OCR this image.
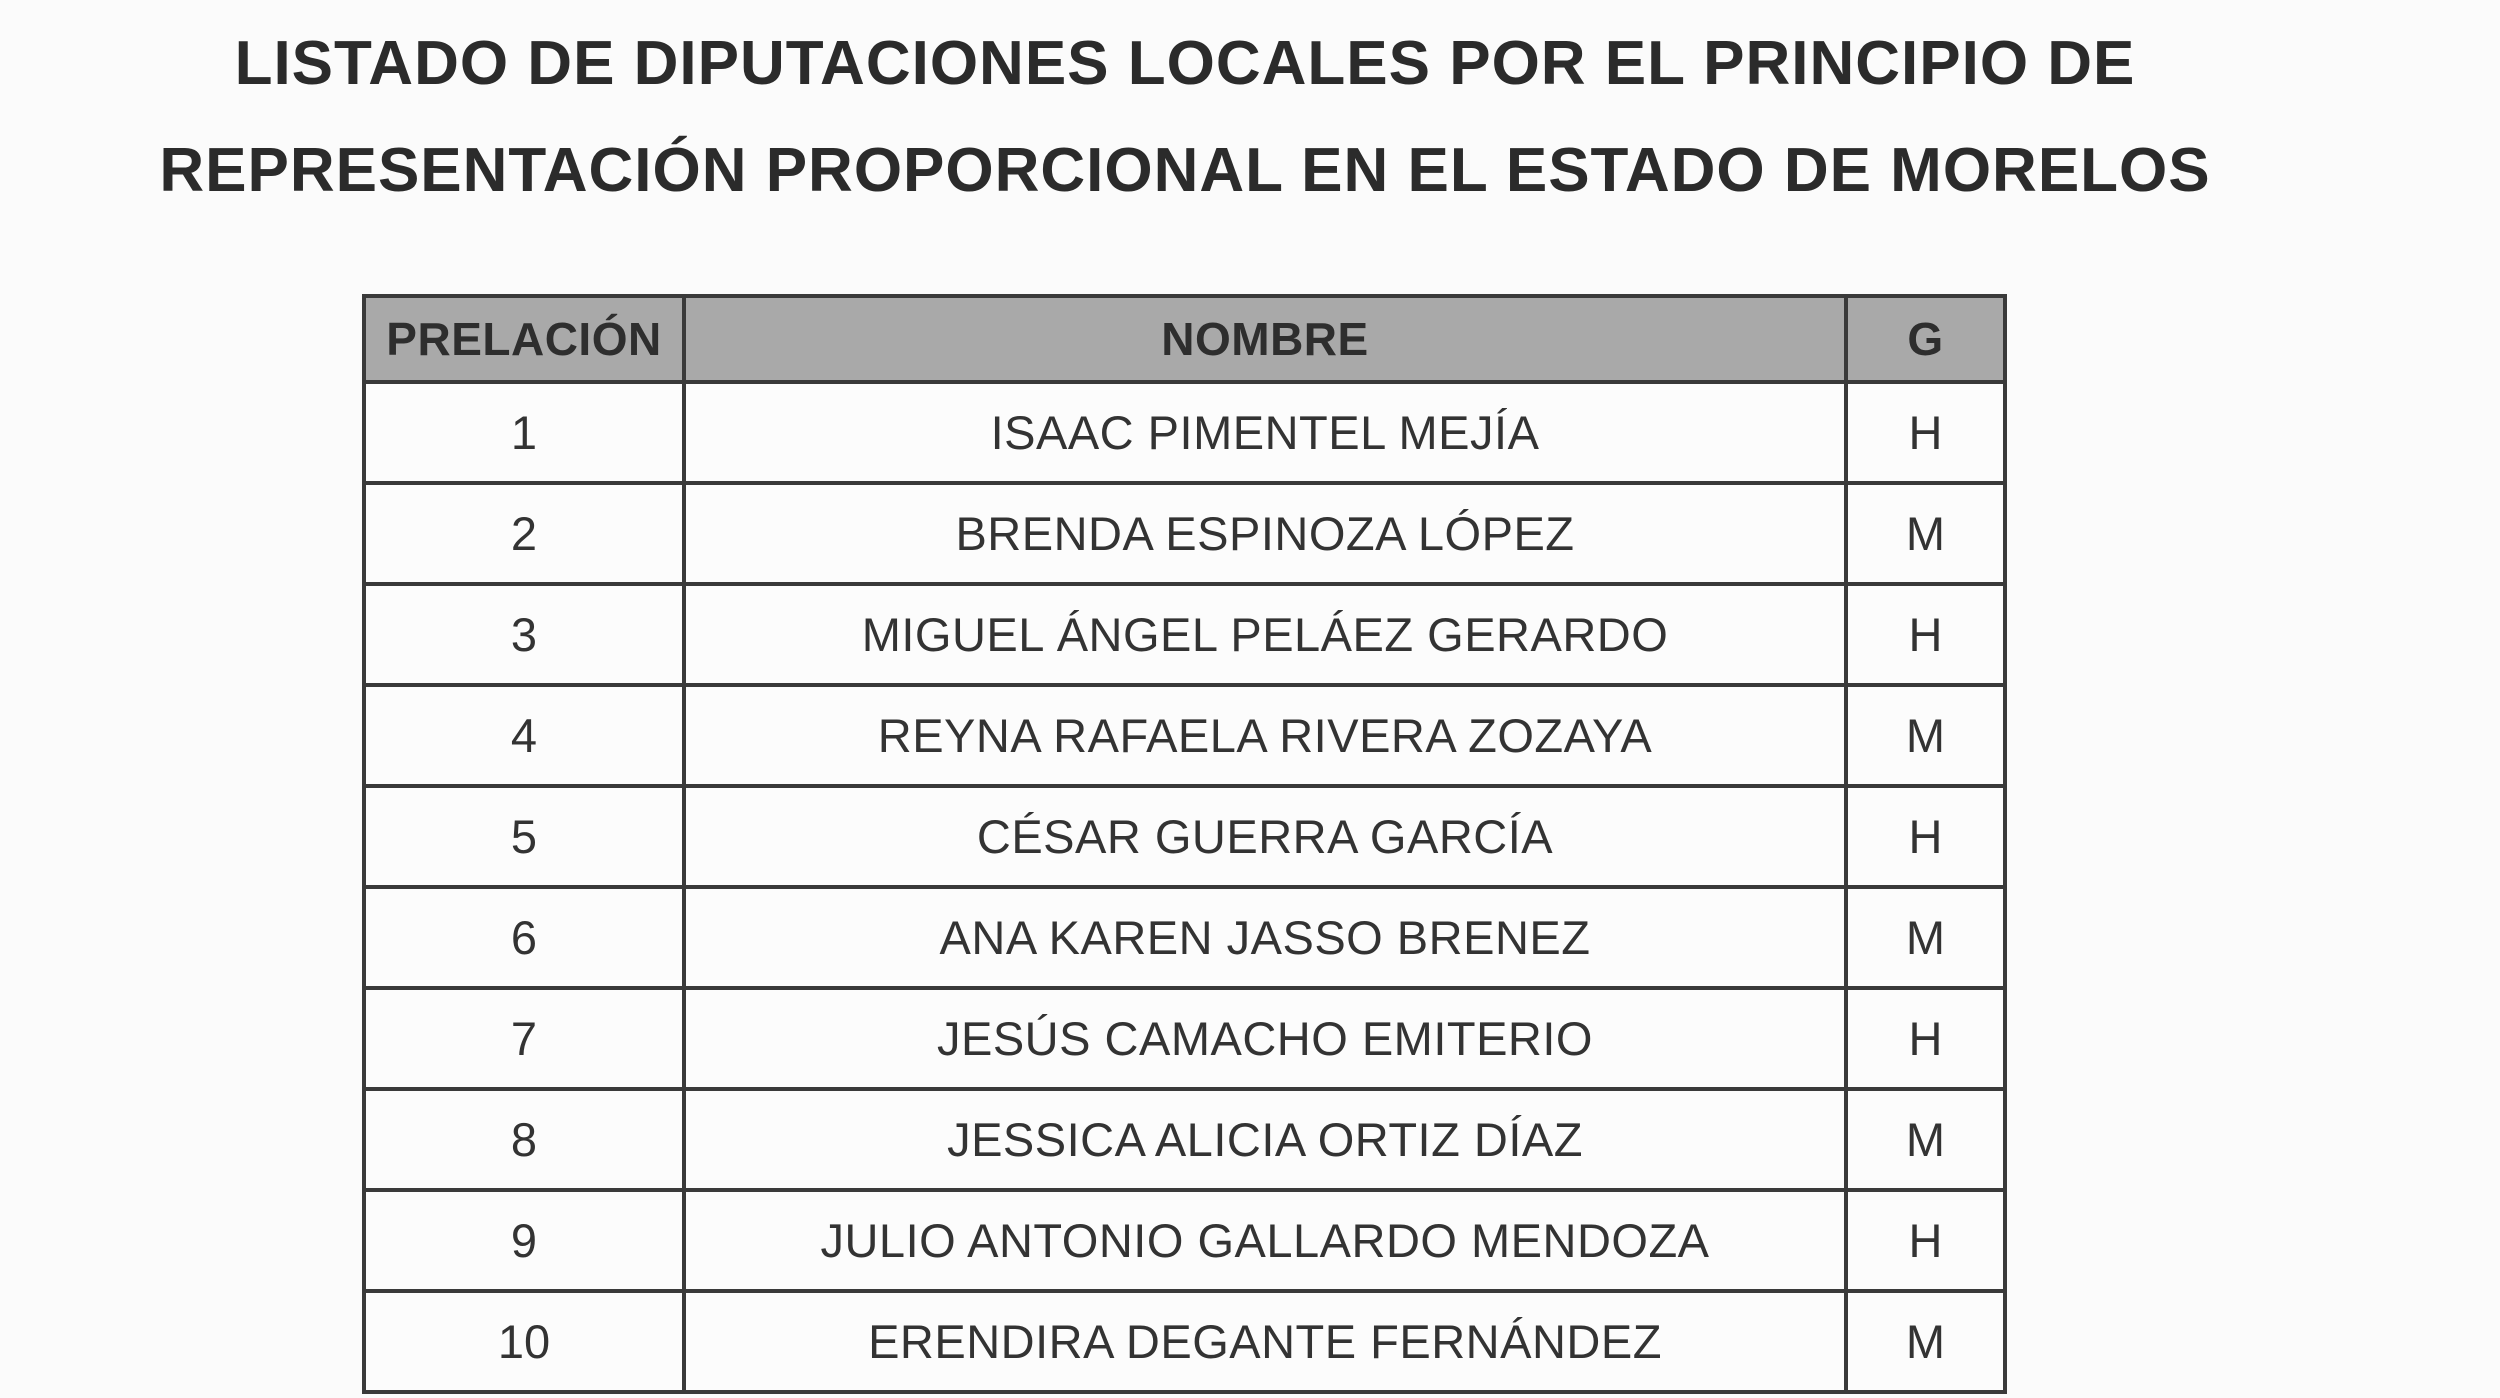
LISTADO DE DIPUTACIONES LOCALES POR EL PRINCIPIO DE
REPRESENTACIÓN PROPORCIONAL EN EL ESTADO DE MORELOS
PRELACIÓN	NOMBRE	G
1	ISAAC PIMENTEL MEJÍA	H
2	BRENDA ESPINOZA LÓPEZ	M
3	MIGUEL ÁNGEL PELÁEZ GERARDO	H
4	REYNA RAFAELA RIVERA ZOZAYA	M
5	CÉSAR GUERRA GARCÍA	H
6	ANA KAREN JASSO BRENEZ	M
7	JESÚS CAMACHO EMITERIO	H
8	JESSICA ALICIA ORTIZ DÍAZ	M
9	JULIO ANTONIO GALLARDO MENDOZA	H
10	ERENDIRA DEGANTE FERNÁNDEZ	M
